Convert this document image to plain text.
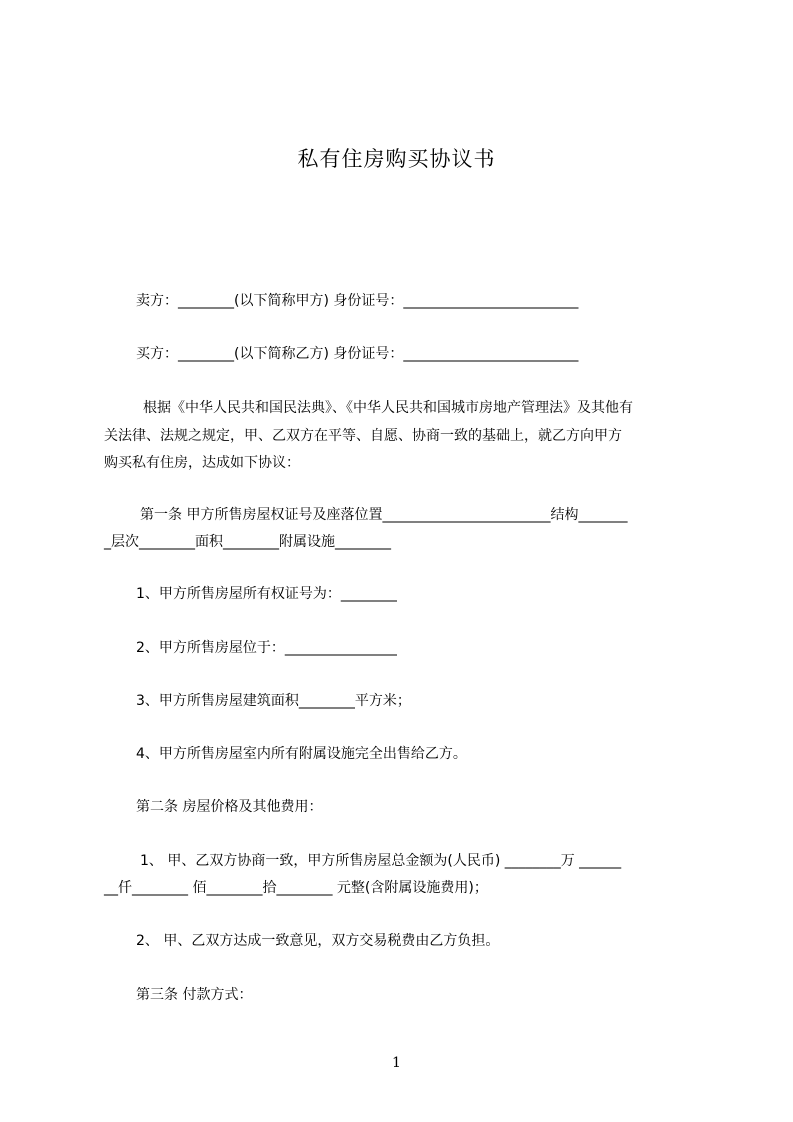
私有住房购买协议书
卖方：________(以下简称甲方) 身份证号：_________________________
买方：________(以下简称乙方) 身份证号：_________________________
根据《中华人民共和国民法典》、《中华人民共和国城市房地产管理法》及其他有
关法律、法规之规定，甲、乙双方在平等、自愿、协商一致的基础上，就乙方向甲方
购买私有住房，达成如下协议：
第一条 甲方所售房屋权证号及座落位置________________________结构_______
_层次________面积________附属设施________
1、甲方所售房屋所有权证号为：________
2、甲方所售房屋位于：________________
3、甲方所售房屋建筑面积________平方米；
4、甲方所售房屋室内所有附属设施完全出售给乙方。
第二条 房屋价格及其他费用：
1、 甲、乙双方协商一致，甲方所售房屋总金额为(人民币) ________万 ______
__仟________ 佰________拾________ 元整(含附属设施费用)；
2、 甲、乙双方达成一致意见，双方交易税费由乙方负担。
第三条 付款方式：
1
